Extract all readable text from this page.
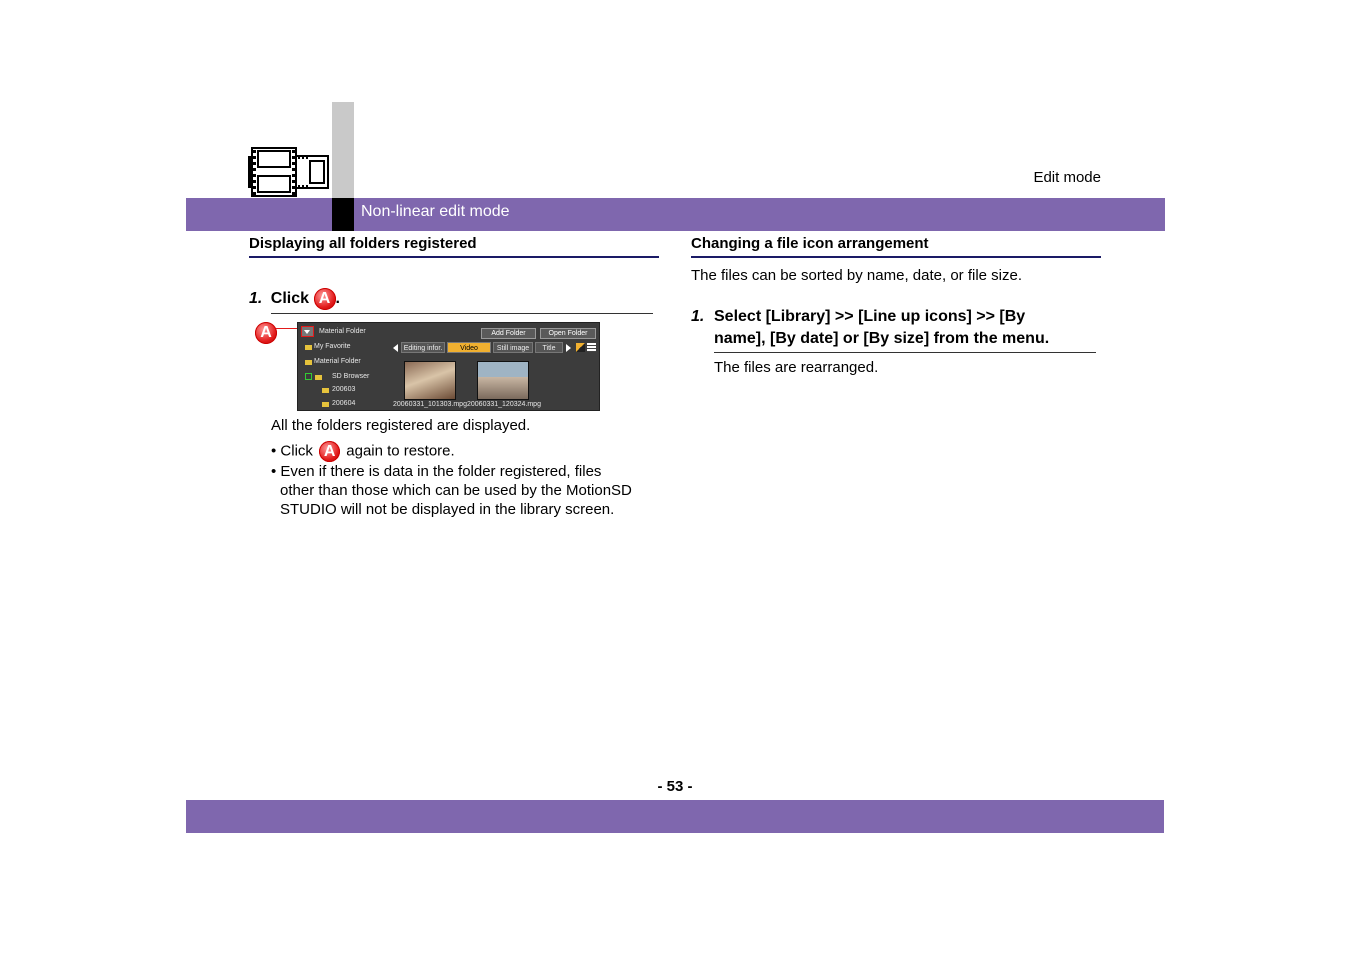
Edit mode
Non-linear edit mode
Displaying all folders registered
1. Click A .
A	Material Folder	Add Folder	Open Folder
My Favorite
Material Folder
SD Browser
200603
200604
Editing infor.	Video	Still image	Title
20060331_101303.mpg 20060331_120324.mpg
All the folders registered are displayed.
• Click A again to restore.
• Even if there is data in the folder registered, files
other than those which can be used by the MotionSD
STUDIO will not be displayed in the library screen.
Changing a file icon arrangement
The files can be sorted by name, date, or file size.
1. Select [Library] >> [Line up icons] >> [By
name], [By date] or [By size] from the menu.
The files are rearranged.
- 53 -
